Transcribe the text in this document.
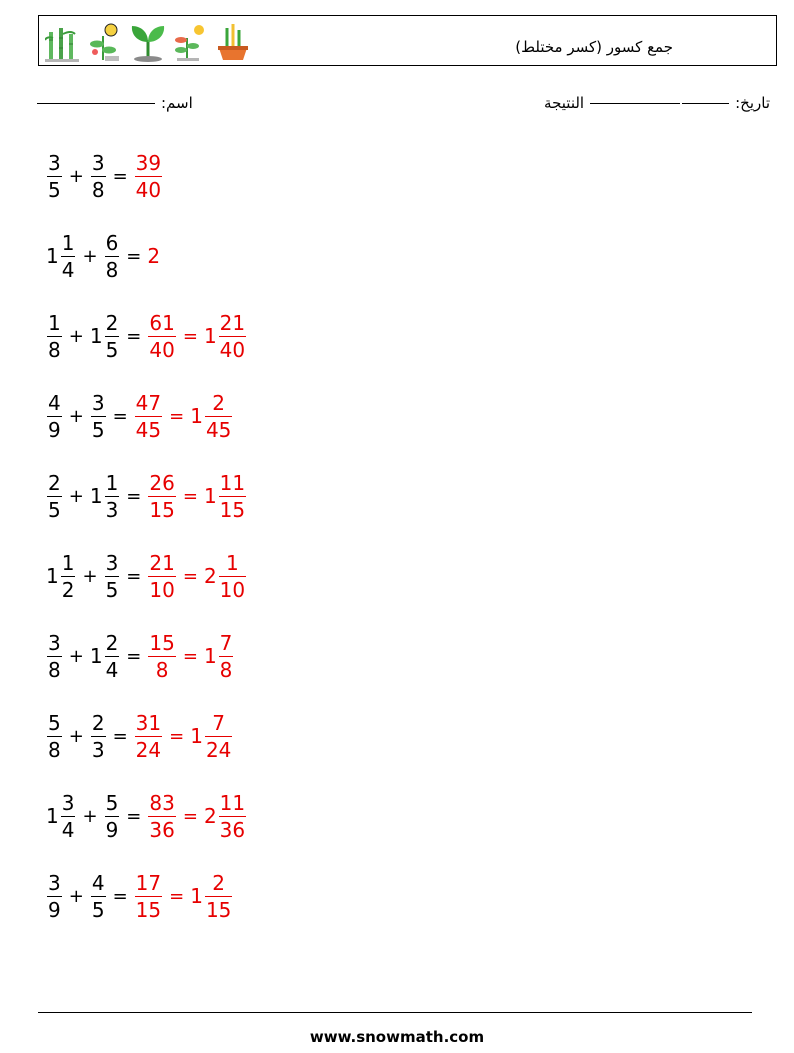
جمع كسور (كسر مختلط)
تاريخ:
النتيجة
اسم:
$\frac{3}{5} + \frac{3}{8} = \frac{39}{40}$
$1 \frac{1}{4} + \frac{6}{8} = 2$
$\frac{1}{8} + 1 \frac{2}{5} = \frac{61}{40} = 1 \frac{21}{40}$
$\frac{4}{9} + \frac{3}{5} = \frac{47}{45} = 1 \frac{2}{45}$
$\frac{2}{5} + 1 \frac{1}{3} = \frac{26}{15} = 1 \frac{11}{15}$
$1 \frac{1}{2} + \frac{3}{5} = \frac{21}{10} = 2 \frac{1}{10}$
$\frac{3}{8} + 1 \frac{2}{4} = \frac{15}{8} = 1 \frac{7}{8}$
$\frac{5}{8} + \frac{2}{3} = \frac{31}{24} = 1 \frac{7}{24}$
$1 \frac{3}{4} + \frac{5}{9} = \frac{83}{36} = 2 \frac{11}{36}$
$\frac{3}{9} + \frac{4}{5} = \frac{17}{15} = 1 \frac{2}{15}$
www.snowmath.com
